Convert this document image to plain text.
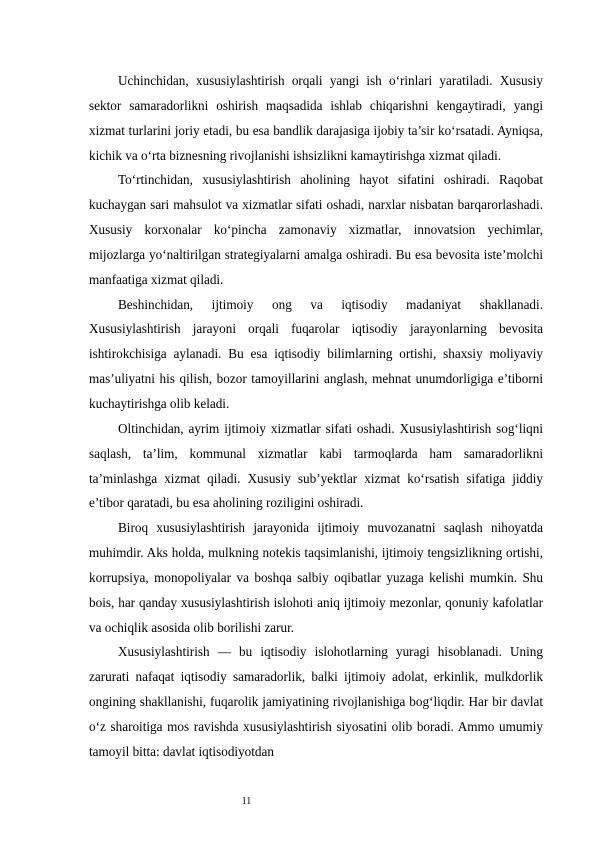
Uchinchidan, xususiylashtirish orqali yangi ish o‘rinlari yaratiladi. Xususiy sektor samaradorlikni oshirish maqsadida ishlab chiqarishni kengaytiradi, yangi xizmat turlarini joriy etadi, bu esa bandlik darajasiga ijobiy ta’sir ko‘rsatadi. Ayniqsa, kichik va o‘rta biznesning rivojlanishi ishsizlikni kamaytirishga xizmat qiladi.

To‘rtinchidan, xususiylashtirish aholining hayot sifatini oshiradi. Raqobat kuchaygan sari mahsulot va xizmatlar sifati oshadi, narxlar nisbatan barqarorlashadi. Xususiy korxonalar ko‘pincha zamonaviy xizmatlar, innovatsion yechimlar, mijozlarga yo‘naltirilgan strategiyalarni amalga oshiradi. Bu esa bevosita iste’molchi manfaatiga xizmat qiladi.

Beshinchidan, ijtimoiy ong va iqtisodiy madaniyat shakllanadi. Xususiylashtirish jarayoni orqali fuqarolar iqtisodiy jarayonlarning bevosita ishtirokchisiga aylanadi. Bu esa iqtisodiy bilimlarning ortishi, shaxsiy moliyaviy mas’uliyatni his qilish, bozor tamoyillarini anglash, mehnat unumdorligiga e’tiborni kuchaytirishga olib keladi.

Oltinchidan, ayrim ijtimoiy xizmatlar sifati oshadi. Xususiylashtirish sog‘liqni saqlash, ta’lim, kommunal xizmatlar kabi tarmoqlarda ham samaradorlikni ta’minlashga xizmat qiladi. Xususiy sub’yektlar xizmat ko‘rsatish sifatiga jiddiy e’tibor qaratadi, bu esa aholining roziligini oshiradi.

Biroq xususiylashtirish jarayonida ijtimoiy muvozanatni saqlash nihoyatda muhimdir. Aks holda, mulkning notekis taqsimlanishi, ijtimoiy tengsizlikning ortishi, korrupsiya, monopoliyalar va boshqa salbiy oqibatlar yuzaga kelishi mumkin. Shu bois, har qanday xususiylashtirish islohoti aniq ijtimoiy mezonlar, qonuniy kafolatlar va ochiqlik asosida olib borilishi zarur.

Xususiylashtirish — bu iqtisodiy islohotlarning yuragi hisoblanadi. Uning zarurati nafaqat iqtisodiy samaradorlik, balki ijtimoiy adolat, erkinlik, mulkdorlik ongining shakllanishi, fuqarolik jamiyatining rivojlanishiga bog‘liqdir. Har bir davlat o‘z sharoitiga mos ravishda xususiylashtirish siyosatini olib boradi. Ammo umumiy tamoyil bitta: davlat iqtisodiyotdan

11
